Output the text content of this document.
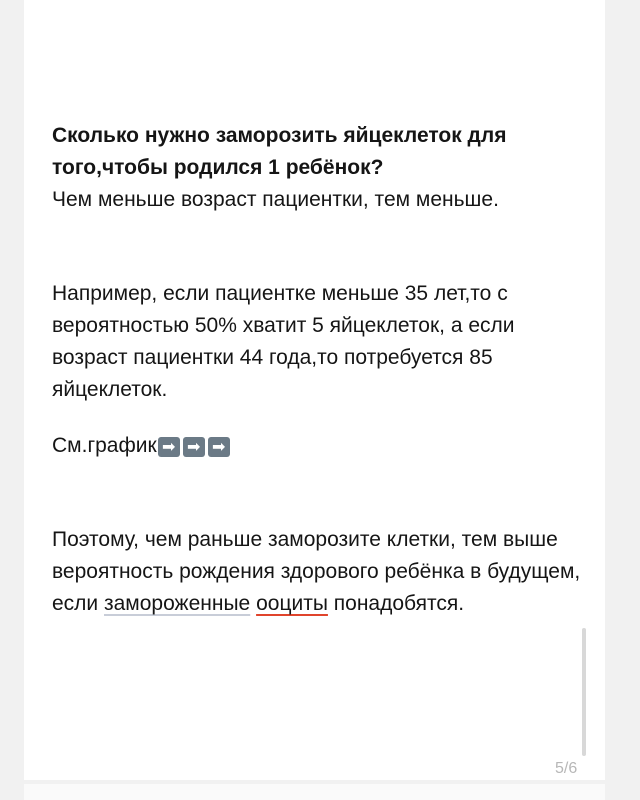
Сколько нужно заморозить яйцеклеток для
того,чтобы родился 1 ребёнок?
Чем меньше возраст пациентки, тем меньше.
Например, если пациентке меньше 35 лет,то с вероятностью 50% хватит 5 яйцеклеток, а если возраст пациентки 44 года,то потребуется 85 яйцеклеток.
См.график ➡ ➡ ➡
Поэтому, чем раньше заморозите клетки, тем выше вероятность рождения здорового ребёнка в будущем, если замороженные ооциты понадобятся.
5/6
